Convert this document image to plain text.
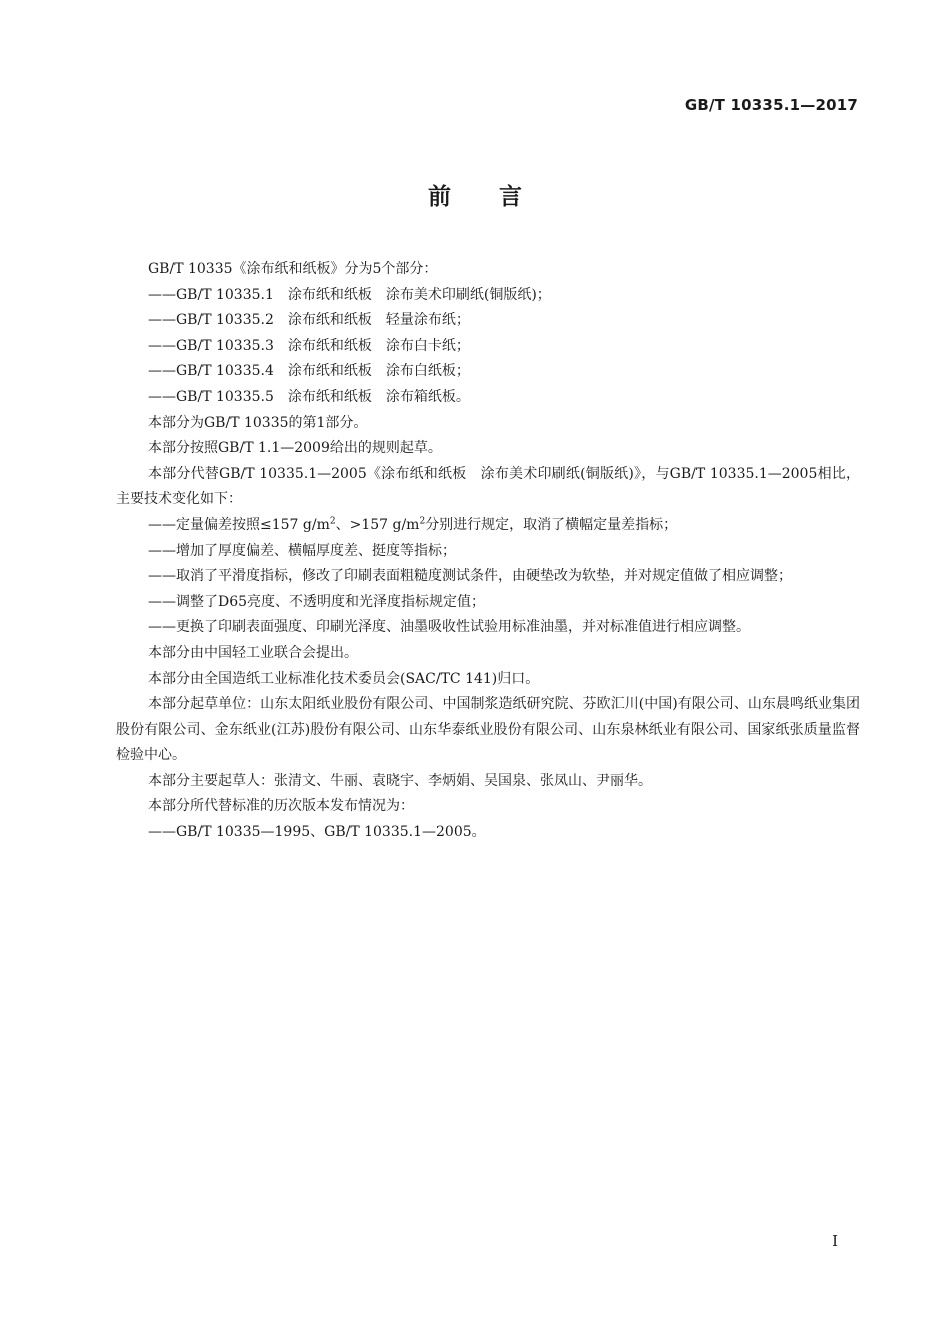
GB/T 10335.1—2017
前言

GB/T 10335《涂布纸和纸板》分为5个部分：

——GB/T 10335.1　涂布纸和纸板　涂布美术印刷纸(铜版纸)；

——GB/T 10335.2　涂布纸和纸板　轻量涂布纸；

——GB/T 10335.3　涂布纸和纸板　涂布白卡纸；

——GB/T 10335.4　涂布纸和纸板　涂布白纸板；

——GB/T 10335.5　涂布纸和纸板　涂布箱纸板。

本部分为GB/T 10335的第1部分。

本部分按照GB/T 1.1—2009给出的规则起草。

本部分代替GB/T 10335.1—2005《涂布纸和纸板　涂布美术印刷纸(铜版纸)》，与GB/T 10335.1—2005相比，主要技术变化如下：

——定量偏差按照≤157 $g/m^2$、>157 $g/m^2$分别进行规定，取消了横幅定量差指标；

——增加了厚度偏差、横幅厚度差、挺度等指标；

——取消了平滑度指标，修改了印刷表面粗糙度测试条件，由硬垫改为软垫，并对规定值做了相应调整；

——调整了D65亮度、不透明度和光泽度指标规定值；

——更换了印刷表面强度、印刷光泽度、油墨吸收性试验用标准油墨，并对标准值进行相应调整。

本部分由中国轻工业联合会提出。

本部分由全国造纸工业标准化技术委员会(SAC/TC 141)归口。

本部分起草单位：山东太阳纸业股份有限公司、中国制浆造纸研究院、芬欧汇川(中国)有限公司、山东晨鸣纸业集团股份有限公司、金东纸业(江苏)股份有限公司、山东华泰纸业股份有限公司、山东泉林纸业有限公司、国家纸张质量监督检验中心。

本部分主要起草人：张清文、牛丽、袁晓宇、李炳娟、吴国泉、张凤山、尹丽华。

本部分所代替标准的历次版本发布情况为：

——GB/T 10335—1995、GB/T 10335.1—2005。

I
